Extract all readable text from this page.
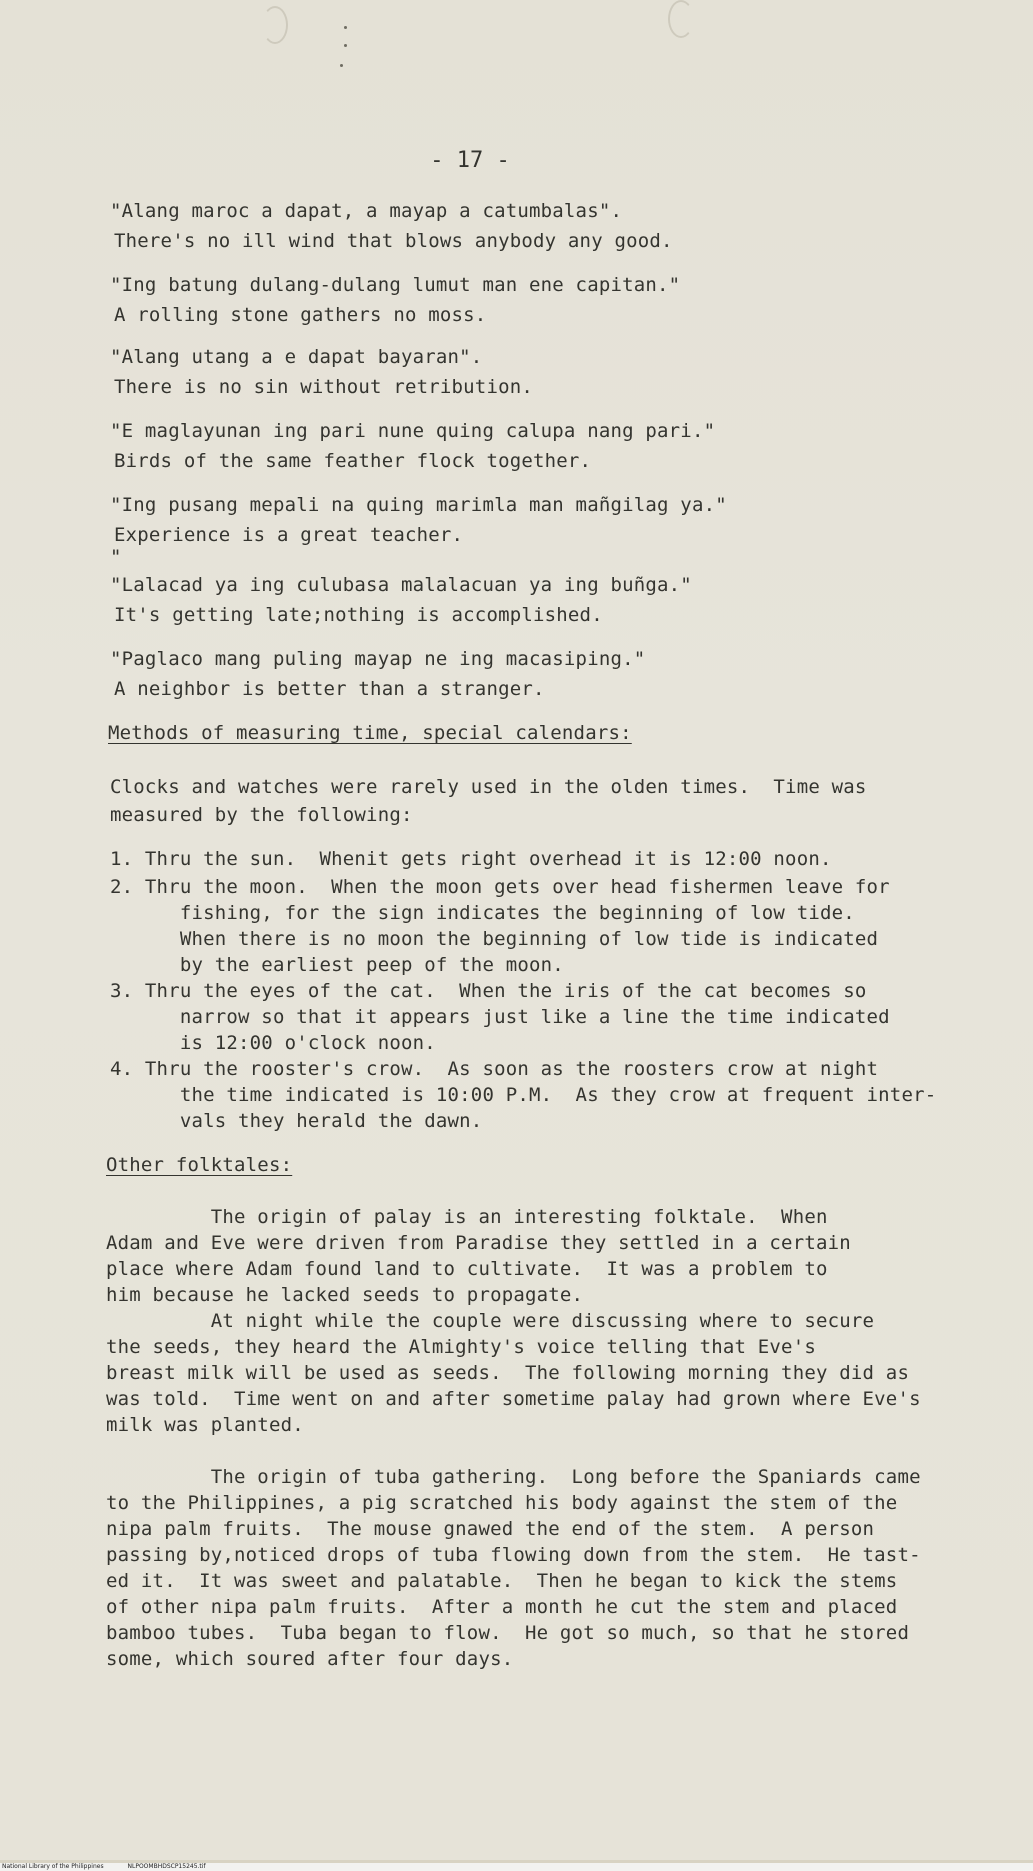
- 17 -
"Alang maroc a dapat, a mayap a catumbalas".
There's no ill wind that blows anybody any good.
"Ing batung dulang-dulang lumut man ene capitan."
A rolling stone gathers no moss.
"Alang utang a e dapat bayaran".
There is no sin without retribution.
"E maglayunan ing pari nune quing calupa nang pari."
Birds of the same feather flock together.
"Ing pusang mepali na quing marimla man mañgilag ya."
Experience is a great teacher.
"
"Lalacad ya ing culubasa malalacuan ya ing buñga."
It's getting late;nothing is accomplished.
"Paglaco mang puling mayap ne ing macasiping."
A neighbor is better than a stranger.
Methods of measuring time, special calendars:
Clocks and watches were rarely used in the olden times.  Time was
measured by the following:
1. Thru the sun.  Whenit gets right overhead it is 12:00 noon.
2. Thru the moon.  When the moon gets over head fishermen leave for
fishing, for the sign indicates the beginning of low tide.
When there is no moon the beginning of low tide is indicated
by the earliest peep of the moon.
3. Thru the eyes of the cat.  When the iris of the cat becomes so
narrow so that it appears just like a line the time indicated
is 12:00 o'clock noon.
4. Thru the rooster's crow.  As soon as the roosters crow at night
the time indicated is 10:00 P.M.  As they crow at frequent inter-
vals they herald the dawn.
Other folktales:
The origin of palay is an interesting folktale.  When
Adam and Eve were driven from Paradise they settled in a certain
place where Adam found land to cultivate.  It was a problem to
him because he lacked seeds to propagate.
At night while the couple were discussing where to secure
the seeds, they heard the Almighty's voice telling that Eve's
breast milk will be used as seeds.  The following morning they did as
was told.  Time went on and after sometime palay had grown where Eve's
milk was planted.
The origin of tuba gathering.  Long before the Spaniards came
to the Philippines, a pig scratched his body against the stem of the
nipa palm fruits.  The mouse gnawed the end of the stem.  A person
passing by,noticed drops of tuba flowing down from the stem.  He tast-
ed it.  It was sweet and palatable.  Then he began to kick the stems
of other nipa palm fruits.  After a month he cut the stem and placed
bamboo tubes.  Tuba began to flow.  He got so much, so that he stored
some, which soured after four days.
National Library of the Philippines	NLPOOMBHDSCP15245.tif
